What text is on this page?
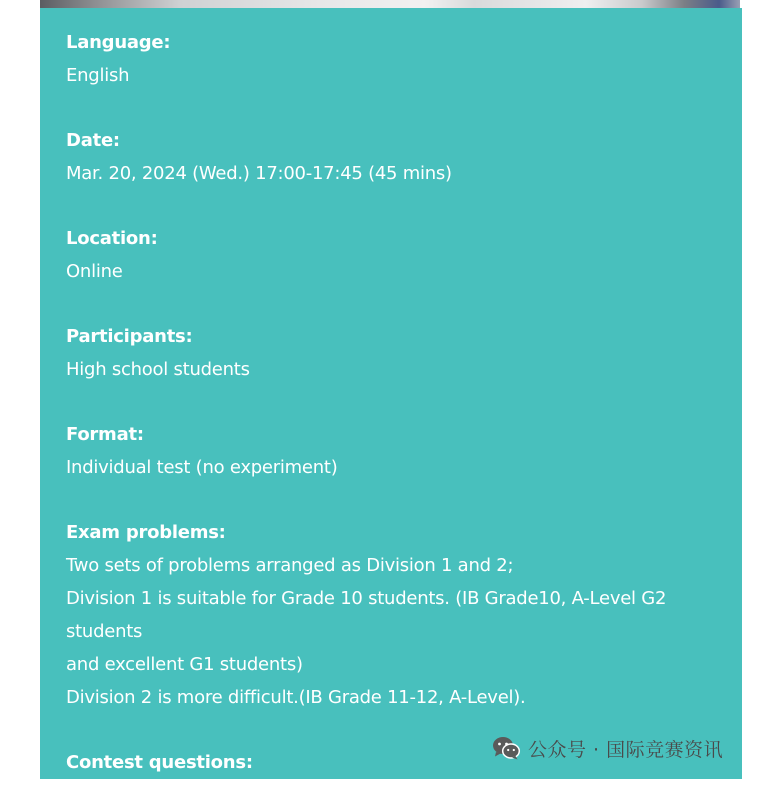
Language:
English
Date:
Mar. 20, 2024 (Wed.) 17:00-17:45 (45 mins)
Location:
Online
Participants:
High school students
Format:
Individual test (no experiment)
Exam problems:
Two sets of problems arranged as Division 1 and 2;
Division 1 is suitable for Grade 10 students. (IB Grade10, A-Level G2 students
and excellent G1 students)
Division 2 is more difficult.(IB Grade 11-12, A-Level).
Contest questions:
40 multiple-choice questions, 45 minutes.
公众号 · 国际竞赛资讯
